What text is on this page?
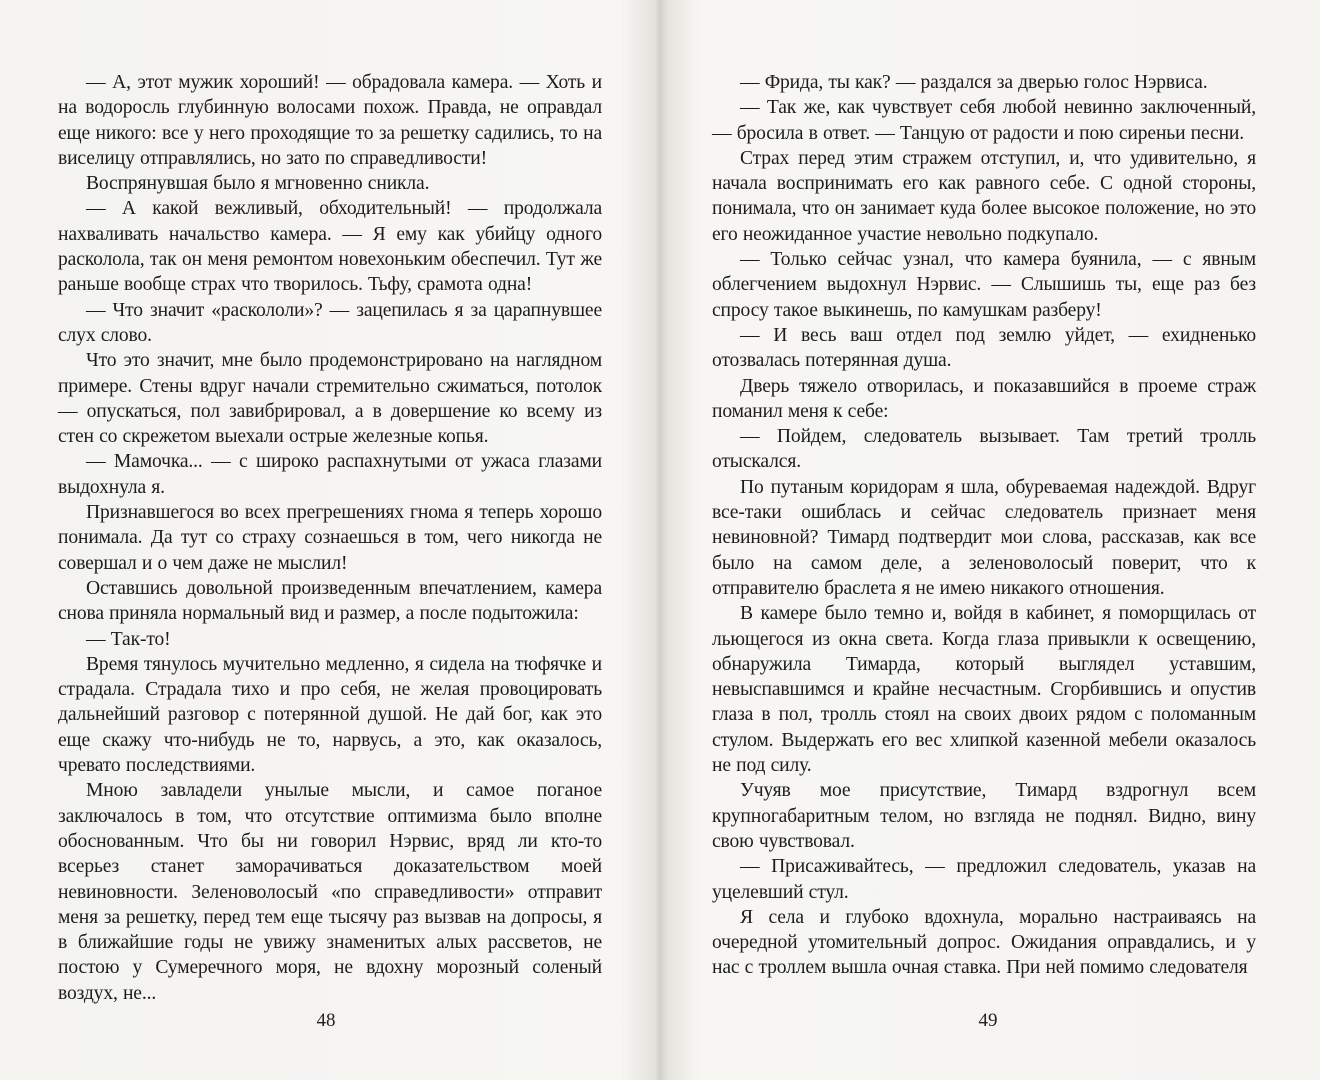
— А, этот мужик хороший! — обрадовала камера. — Хоть и на водоросль глубинную волосами похож. Правда, не оправдал еще никого: все у него проходящие то за решетку садились, то на виселицу отправлялись, но зато по справедливости!

Воспрянувшая было я мгновенно сникла.

— А какой вежливый, обходительный! — продолжала нахваливать начальство камера. — Я ему как убийцу одного расколола, так он меня ремонтом новехоньким обеспечил. Тут же раньше вообще страх что творилось. Тьфу, срамота одна!

— Что значит «раскололи»? — зацепилась я за царапнувшее слух слово.

Что это значит, мне было продемонстрировано на наглядном примере. Стены вдруг начали стремительно сжиматься, потолок — опускаться, пол завибрировал, а в довершение ко всему из стен со скрежетом выехали острые железные копья.

— Мамочка... — с широко распахнутыми от ужаса глазами выдохнула я.

Признавшегося во всех прегрешениях гнома я теперь хорошо понимала. Да тут со страху сознаешься в том, чего никогда не совершал и о чем даже не мыслил!

Оставшись довольной произведенным впечатлением, камера снова приняла нормальный вид и размер, а после подытожила:

— Так-то!

Время тянулось мучительно медленно, я сидела на тюфячке и страдала. Страдала тихо и про себя, не желая провоцировать дальнейший разговор с потерянной душой. Не дай бог, как это еще скажу что-нибудь не то, нарвусь, а это, как оказалось, чревато последствиями.

Мною завладели унылые мысли, и самое поганое заключалось в том, что отсутствие оптимизма было вполне обоснованным. Что бы ни говорил Нэрвис, вряд ли кто-то всерьез станет заморачиваться доказательством моей невиновности. Зеленоволосый «по справедливости» отправит меня за решетку, перед тем еще тысячу раз вызвав на допросы, я в ближайшие годы не увижу знаменитых алых рассветов, не постою у Сумеречного моря, не вдохну морозный соленый воздух, не...

48

— Фрида, ты как? — раздался за дверью голос Нэрвиса.

— Так же, как чувствует себя любой невинно заключенный, — бросила в ответ. — Танцую от радости и пою сиреньи песни.

Страх перед этим стражем отступил, и, что удивительно, я начала воспринимать его как равного себе. С одной стороны, понимала, что он занимает куда более высокое положение, но это его неожиданное участие невольно подкупало.

— Только сейчас узнал, что камера буянила, — с явным облегчением выдохнул Нэрвис. — Слышишь ты, еще раз без спросу такое выкинешь, по камушкам разберу!

— И весь ваш отдел под землю уйдет, — ехидненько отозвалась потерянная душа.

Дверь тяжело отворилась, и показавшийся в проеме страж поманил меня к себе:

— Пойдем, следователь вызывает. Там третий тролль отыскался.

По путаным коридорам я шла, обуреваемая надеждой. Вдруг все-таки ошиблась и сейчас следователь признает меня невиновной? Тимард подтвердит мои слова, рассказав, как все было на самом деле, а зеленоволосый поверит, что к отправителю браслета я не имею никакого отношения.

В камере было темно и, войдя в кабинет, я поморщилась от льющегося из окна света. Когда глаза привыкли к освещению, обнаружила Тимарда, который выглядел уставшим, невыспавшимся и крайне несчастным. Сгорбившись и опустив глаза в пол, тролль стоял на своих двоих рядом с поломанным стулом. Выдержать его вес хлипкой казенной мебели оказалось не под силу.

Учуяв мое присутствие, Тимард вздрогнул всем крупногабаритным телом, но взгляда не поднял. Видно, вину свою чувствовал.

— Присаживайтесь, — предложил следователь, указав на уцелевший стул.

Я села и глубоко вдохнула, морально настраиваясь на очередной утомительный допрос. Ожидания оправдались, и у нас с троллем вышла очная ставка. При ней помимо следователя

49
